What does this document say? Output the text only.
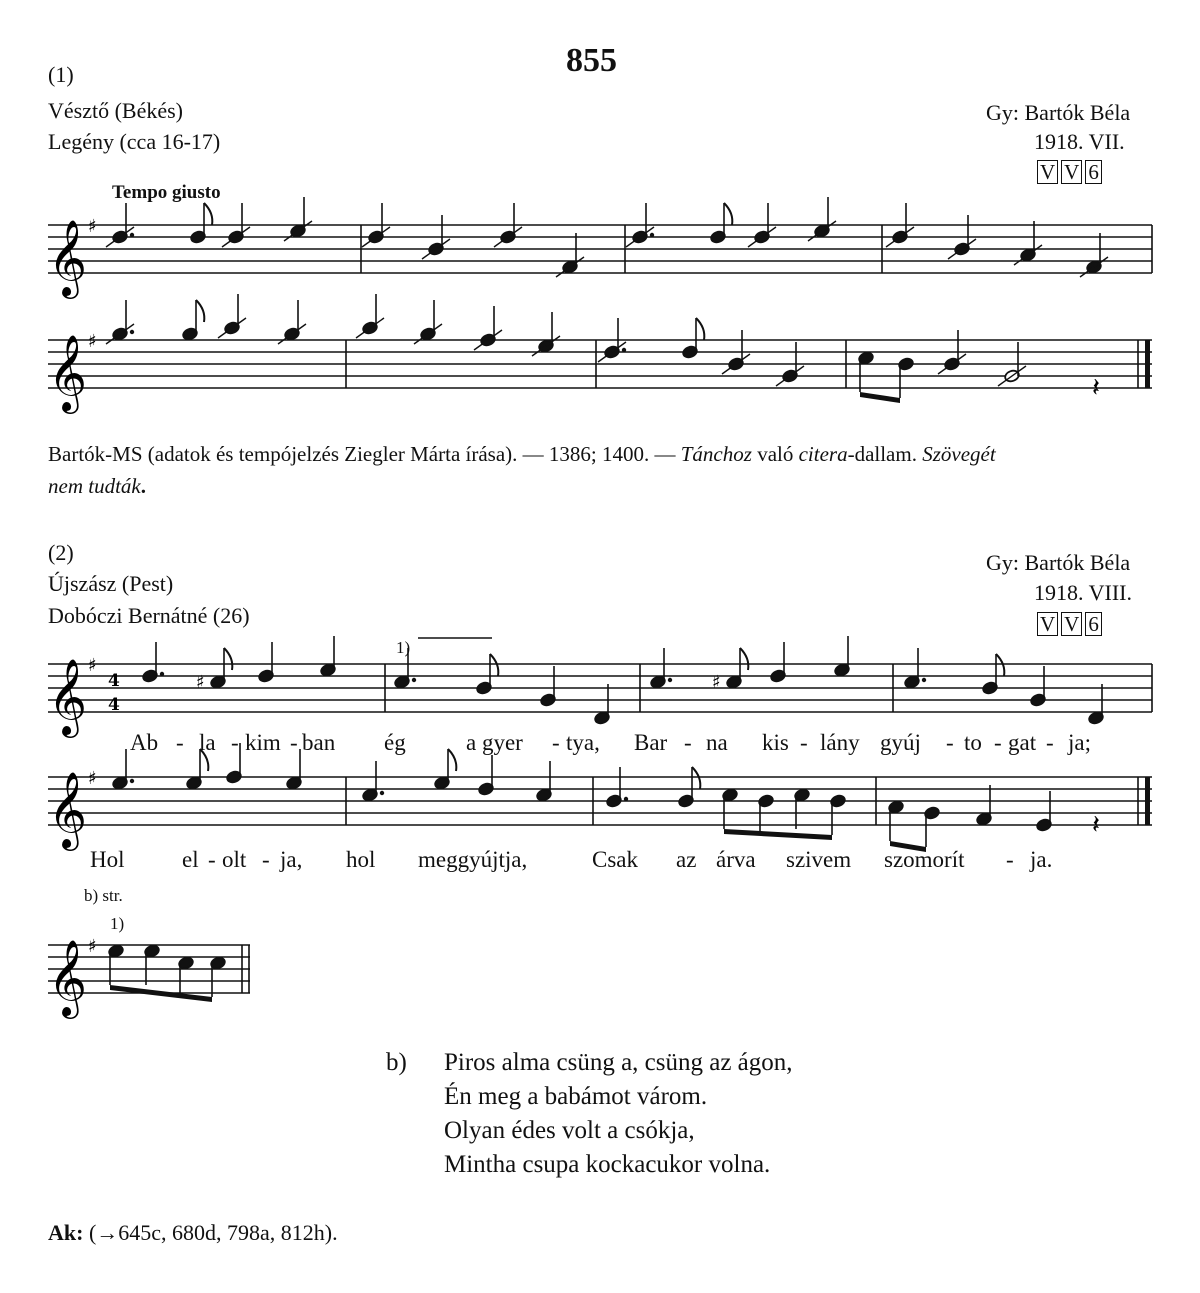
855
(1)
Vésztő (Békés)
Legény (cca 16-17)
Gy: Bartók Béla
1918. VII.
V V 6
Tempo giusto
𝄞 ♯
𝄞 ♯
𝄽
Bartók-MS (adatok és tempójelzés Ziegler Márta írása). — 1386; 1400. — Tánchoz való citera-dallam. Szövegét
nem tudták.
(2)
Újszász (Pest)
Dobóczi Bernátné (26)
Gy: Bartók Béla
1918. VIII.
V V 6
1)
𝄞 ♯
4
4
♯	♯
Ab - la - kim - ban ég	a gyer - tya, Bar - na kis - lány gyúj - to - gat - ja;
𝄞 ♯
𝄽
Hol	el - olt - ja, hol meggyújtja,	Csak az árva szivem szomorít - ja.
b) str.
1)
𝄞 ♯
b) Piros alma csüng a, csüng az ágon,
Én meg a babámot várom.
Olyan édes volt a csókja,
Mintha csupa kockacukor volna.
Ak: (→645c, 680d, 798a, 812h).
